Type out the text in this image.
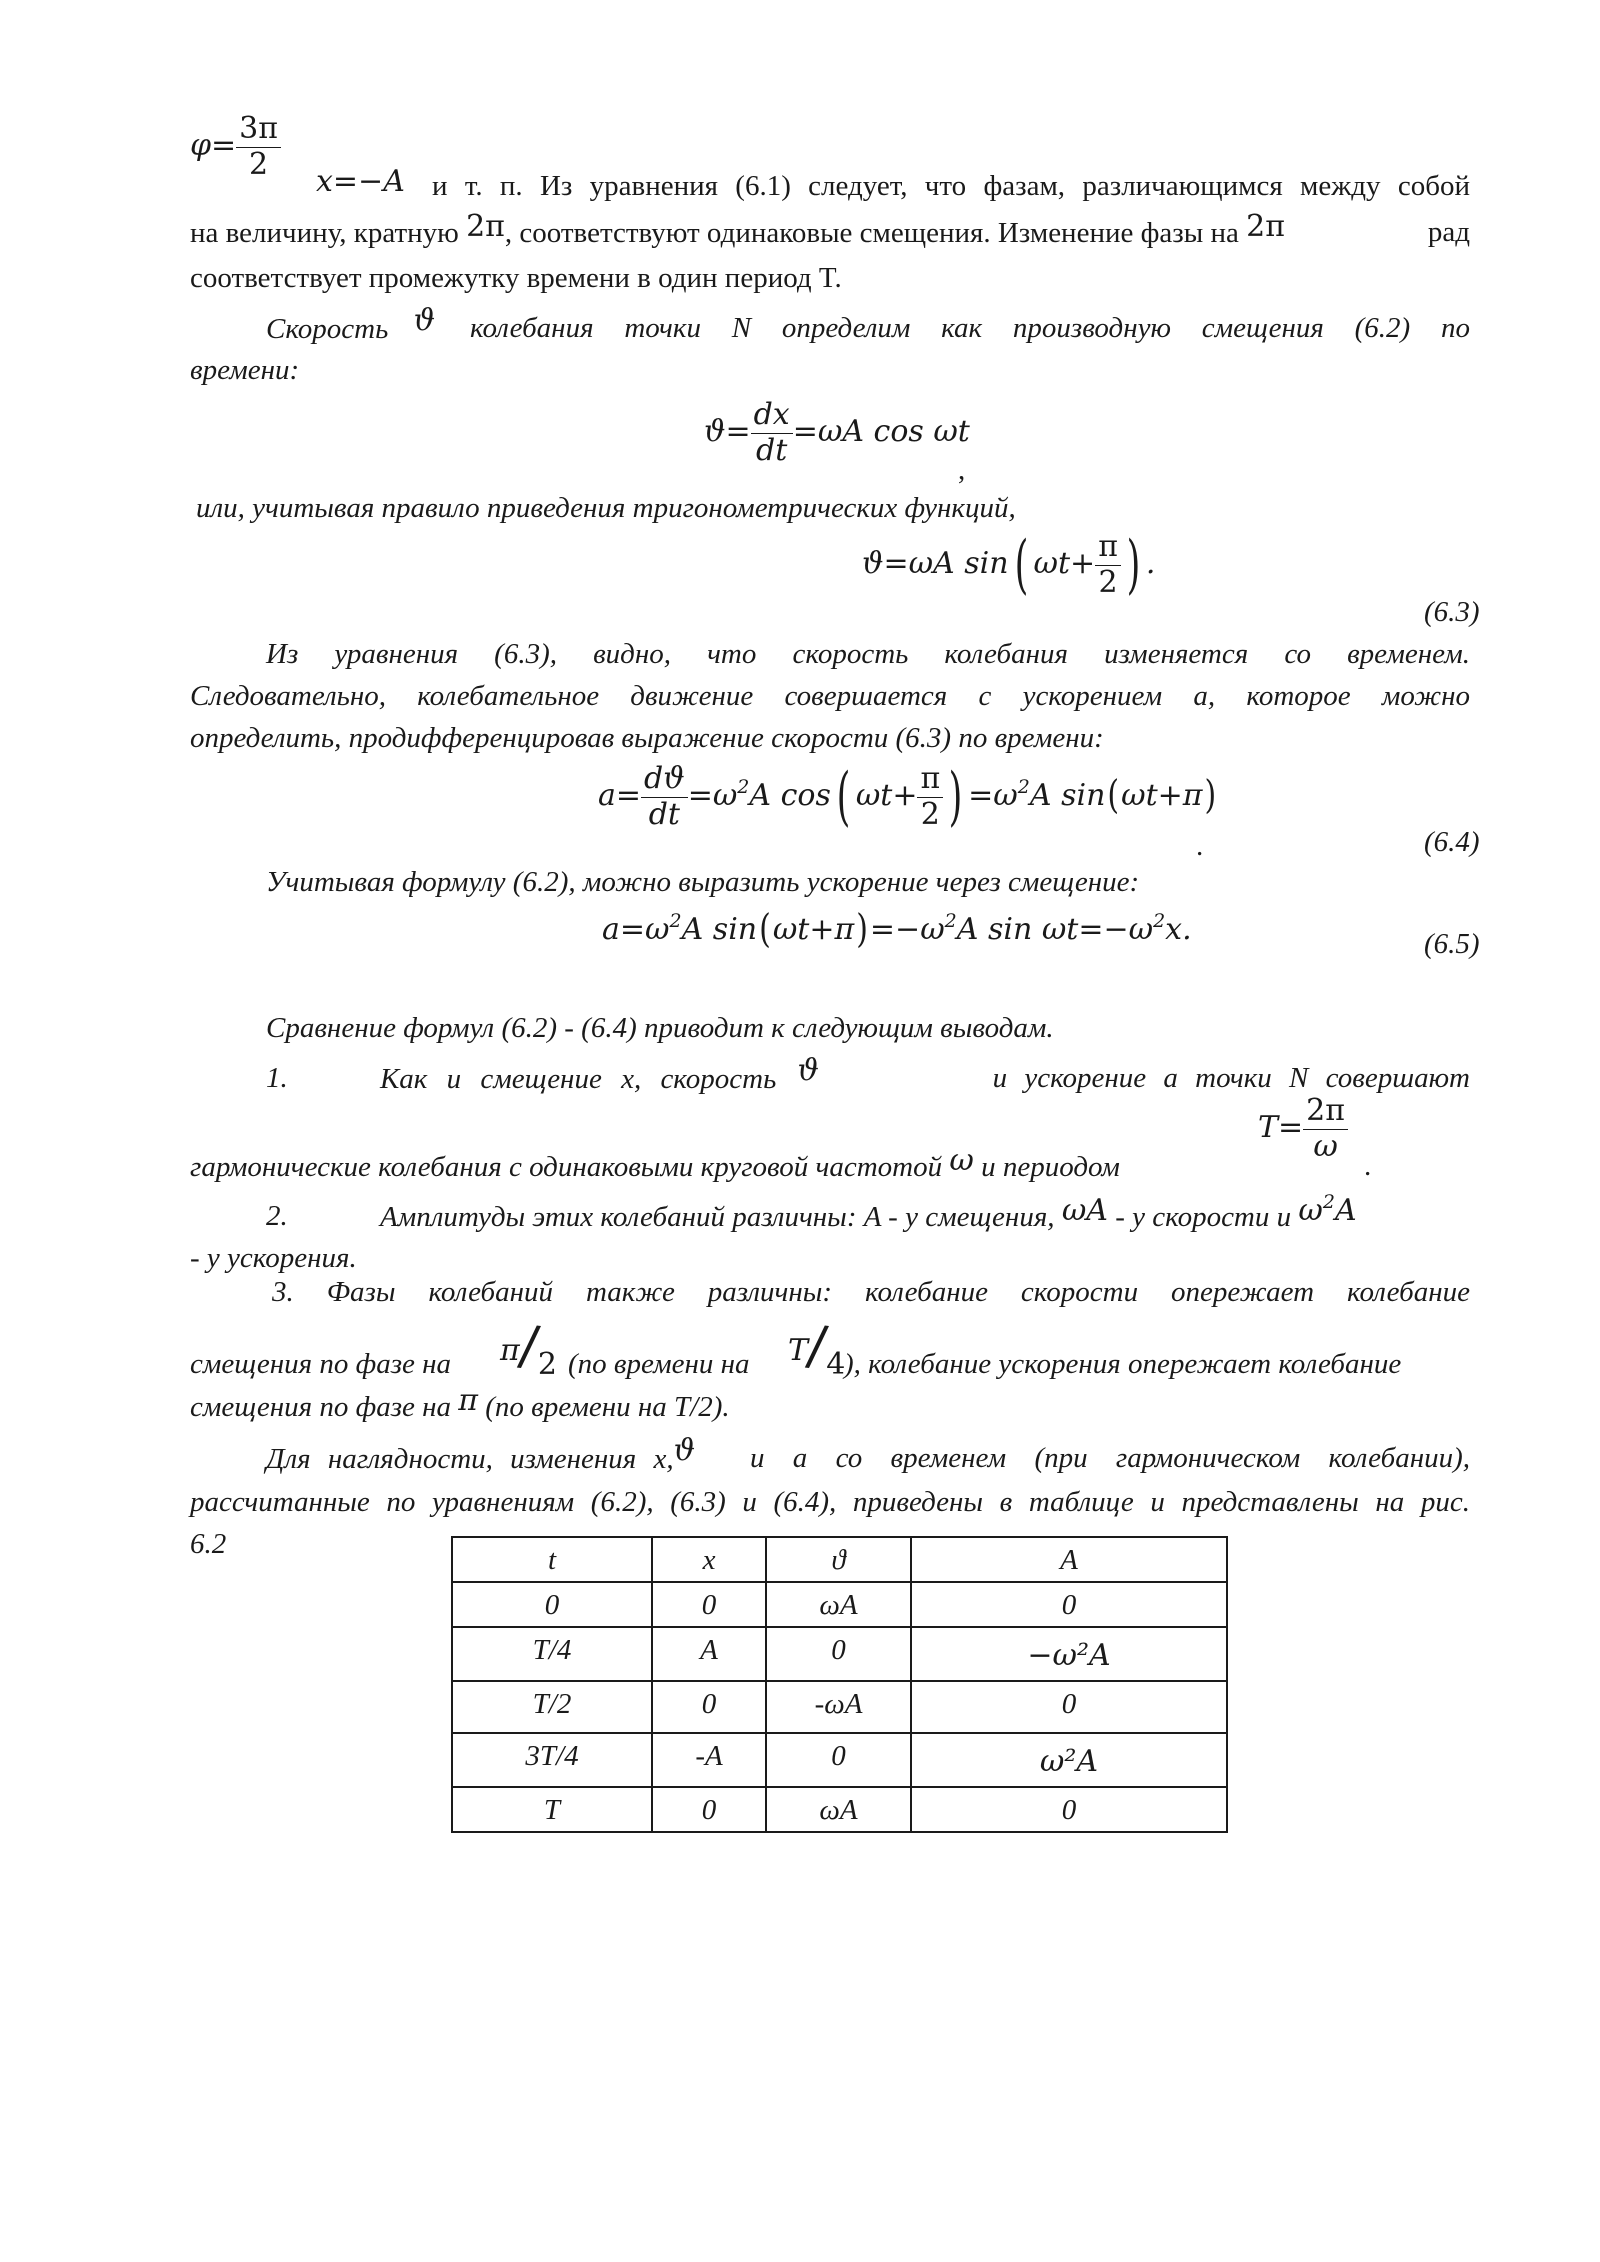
$\varphi= \frac{3\pi}{2} x=-A$ и т. п. Из уравнения (6.1) следует, что фазам, различающимся между собой
на величину, кратную 2π, соответствуют одинаковые смещения. Изменение фазы на 2π	рад
соответствует промежутку времени в один период T.
Скорость ϑ колебания точки N определим как производную смещения (6.2) по
времени:
$ϑ= \frac{dx}{dt} =\omega A$ cos ωt
,
или, учитывая правило приведения тригонометрических функций,
ϑ=ωA sin( $\omega t+ \frac{\pi}{2}$ ) .
(6.3)
Из уравнения (6.3), видно, что скорость колебания изменяется со временем.
Следовательно, колебательное движение совершается с ускорением а, которое можно
определить, продифференцировав выражение скорости (6.3) по времени:
$a= \frac{dϑ}{dt} =\omega^2A$ cos( $\omega t+ \frac{\pi}{2}$ ) $=\omega^2A$ sin(ωt+π)
.	(6.4)
Учитывая формулу (6.2), можно выразить ускорение через смещение:
$a=\omega^2A$ $\sin(\omega t+\pi)=-\omega^2A$ $\sin \omega t=-\omega^2x$.	(6.5)
Сравнение формул (6.2) - (6.4) приводит к следующим выводам.
1.	Как и смещение x, скорость ϑ	и ускорение а точки N совершают
$T= \frac{2\pi}{\omega}$
гармонические колебания с одинаковыми круговой частотой ω и периодом	.
2.	Амплитуды этих колебаний различны: A - у смещения, ωA - у скорости и $\omega^2A$
- у ускорения.
3. Фазы колебаний также различны: колебание скорости опережает колебание
π/2	T/4
смещения по фазе на	(по времени на	), колебание ускорения опережает колебание
смещения по фазе на π (по времени на T/2).
Для наглядности, изменения x,ϑ и а со временем (при гармоническом колебании),
рассчитанные по уравнениям (6.2), (6.3) и (6.4), приведены в таблице и представлены на рис.
6.2	t	x	ϑ	A
0	0	ωA	0
T/4	A	0	−ω²A
T/2	0	-ωA	0
3T/4	-A	0	ω²A
T	0	ωA	0
